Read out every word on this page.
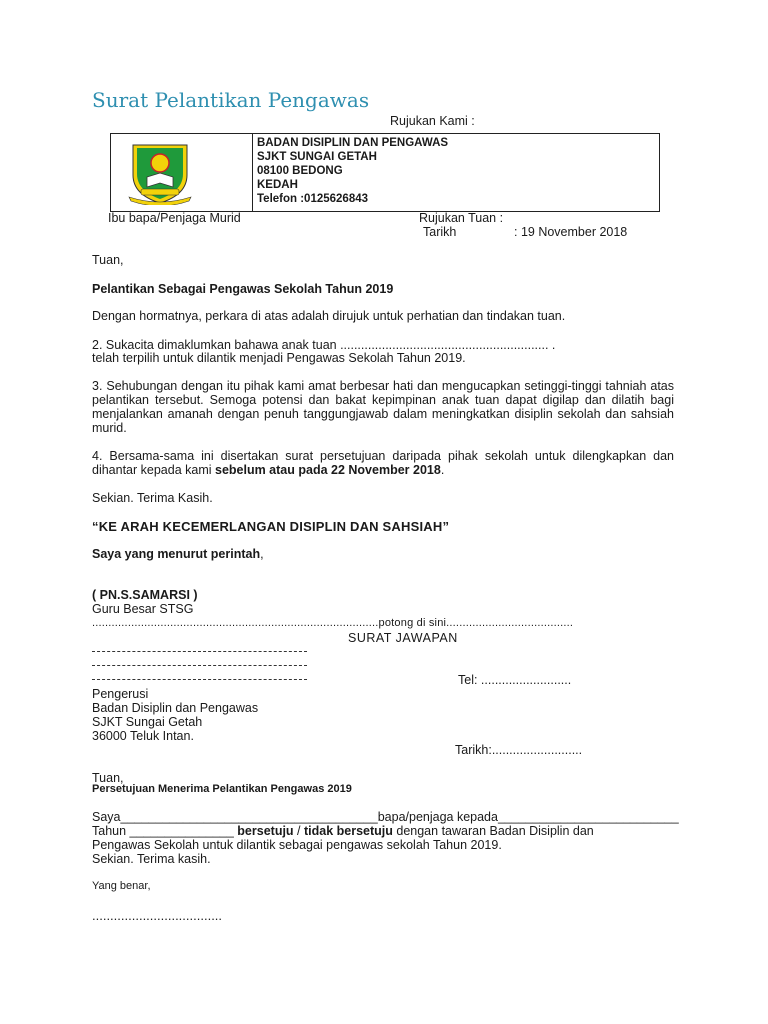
Surat Pelantikan Pengawas
Rujukan Kami :
BADAN DISIPLIN DAN PENGAWAS
SJKT SUNGAI GETAH
08100 BEDONG
KEDAH
Telefon :0125626843
Ibu bapa/Penjaga Murid	Rujukan Tuan :
Tarikh	: 19 November 2018
Tuan,
Pelantikan Sebagai Pengawas Sekolah Tahun 2019
Dengan hormatnya, perkara di atas adalah dirujuk untuk perhatian dan tindakan tuan.
2. Sukacita dimaklumkan bahawa anak tuan ............................................................ .
telah terpilih untuk dilantik menjadi Pengawas Sekolah Tahun 2019.
3. Sehubungan dengan itu pihak kami amat berbesar hati dan mengucapkan setinggi-tinggi tahniah atas pelantikan tersebut. Semoga potensi dan bakat kepimpinan anak tuan dapat digilap dan dilatih bagi menjalankan amanah dengan penuh tanggungjawab dalam meningkatkan disiplin sekolah dan sahsiah murid.
4. Bersama-sama ini disertakan surat persetujuan daripada pihak sekolah untuk dilengkapkan dan dihantar kepada kami sebelum atau pada 22 November 2018.
Sekian. Terima Kasih.
“KE ARAH KECEMERLANGAN DISIPLIN DAN SAHSIAH”
Saya yang menurut perintah,
( PN.S.SAMARSI )
Guru Besar STSG
........................................................................................potong di sini.......................................
SURAT JAWAPAN
Tel: ..........................
Pengerusi
Badan Disiplin dan Pengawas
SJKT Sungai Getah
36000 Teluk Intan.
Tarikh:..........................
Tuan,
Persetujuan Menerima Pelantikan Pengawas 2019
Saya_____________________________________bapa/penjaga kepada__________________________
Tahun _______________ bersetuju / tidak bersetuju dengan tawaran Badan Disiplin dan
Pengawas Sekolah untuk dilantik sebagai pengawas sekolah Tahun 2019.
Sekian. Terima kasih.
Yang benar,
....................................
